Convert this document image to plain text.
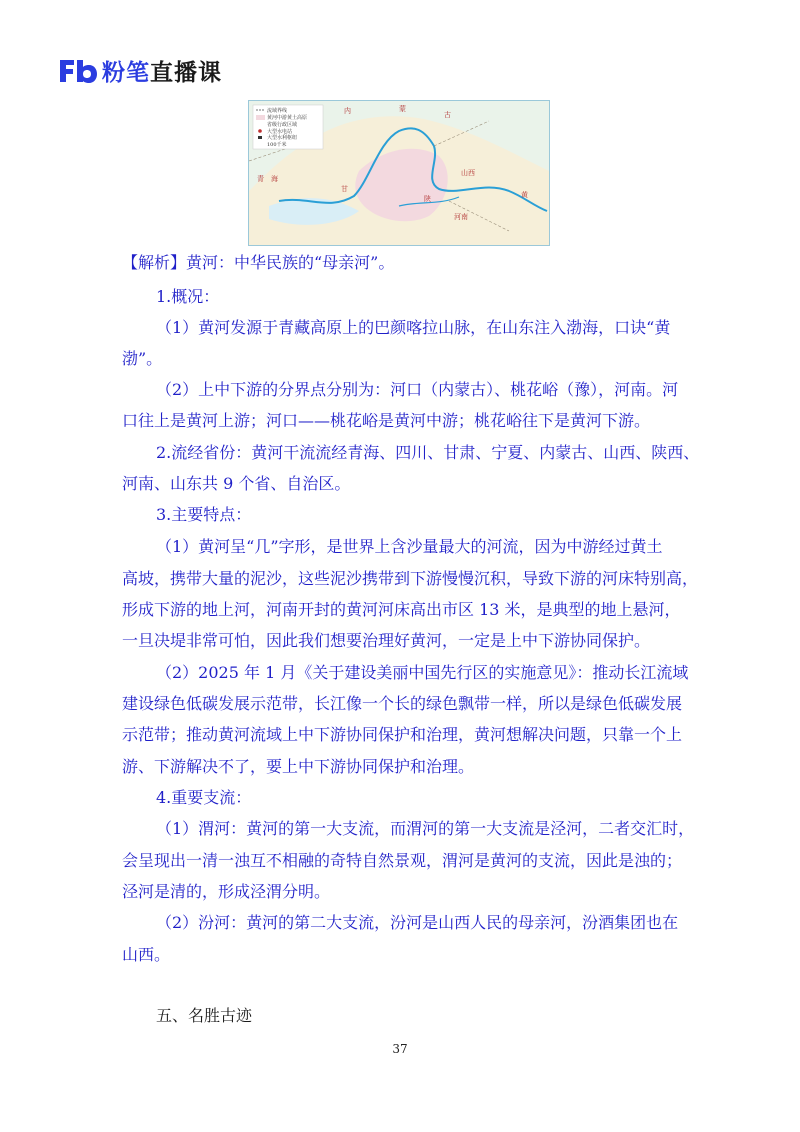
粉笔直播课
流域界线
黄河中游黄土高原
省级行政区域
大型水电站
大型水利枢纽
100千米
内	蒙
古
山西
陕
河南
黄
青 海
甘

【解析】黄河：中华民族的“母亲河”。

1.概况：

（1）黄河发源于青藏高原上的巴颜喀拉山脉，在山东注入渤海，口诀“黄

渤”。

（2）上中下游的分界点分别为：河口（内蒙古）、桃花峪（豫），河南。河

口往上是黄河上游；河口——桃花峪是黄河中游；桃花峪往下是黄河下游。

2.流经省份：黄河干流流经青海、四川、甘肃、宁夏、内蒙古、山西、陕西、

河南、山东共 9 个省、自治区。

3.主要特点：

（1）黄河呈“几”字形，是世界上含沙量最大的河流，因为中游经过黄土

高坡，携带大量的泥沙，这些泥沙携带到下游慢慢沉积，导致下游的河床特别高，

形成下游的地上河，河南开封的黄河河床高出市区 13 米，是典型的地上悬河，

一旦决堤非常可怕，因此我们想要治理好黄河，一定是上中下游协同保护。

（2）2025 年 1 月《关于建设美丽中国先行区的实施意见》：推动长江流域

建设绿色低碳发展示范带，长江像一个长的绿色飘带一样，所以是绿色低碳发展

示范带；推动黄河流域上中下游协同保护和治理，黄河想解决问题，只靠一个上

游、下游解决不了，要上中下游协同保护和治理。

4.重要支流：

（1）渭河：黄河的第一大支流，而渭河的第一大支流是泾河，二者交汇时，

会呈现出一清一浊互不相融的奇特自然景观，渭河是黄河的支流，因此是浊的；

泾河是清的，形成泾渭分明。

（2）汾河：黄河的第二大支流，汾河是山西人民的母亲河，汾酒集团也在

山西。

五、名胜古迹

37
